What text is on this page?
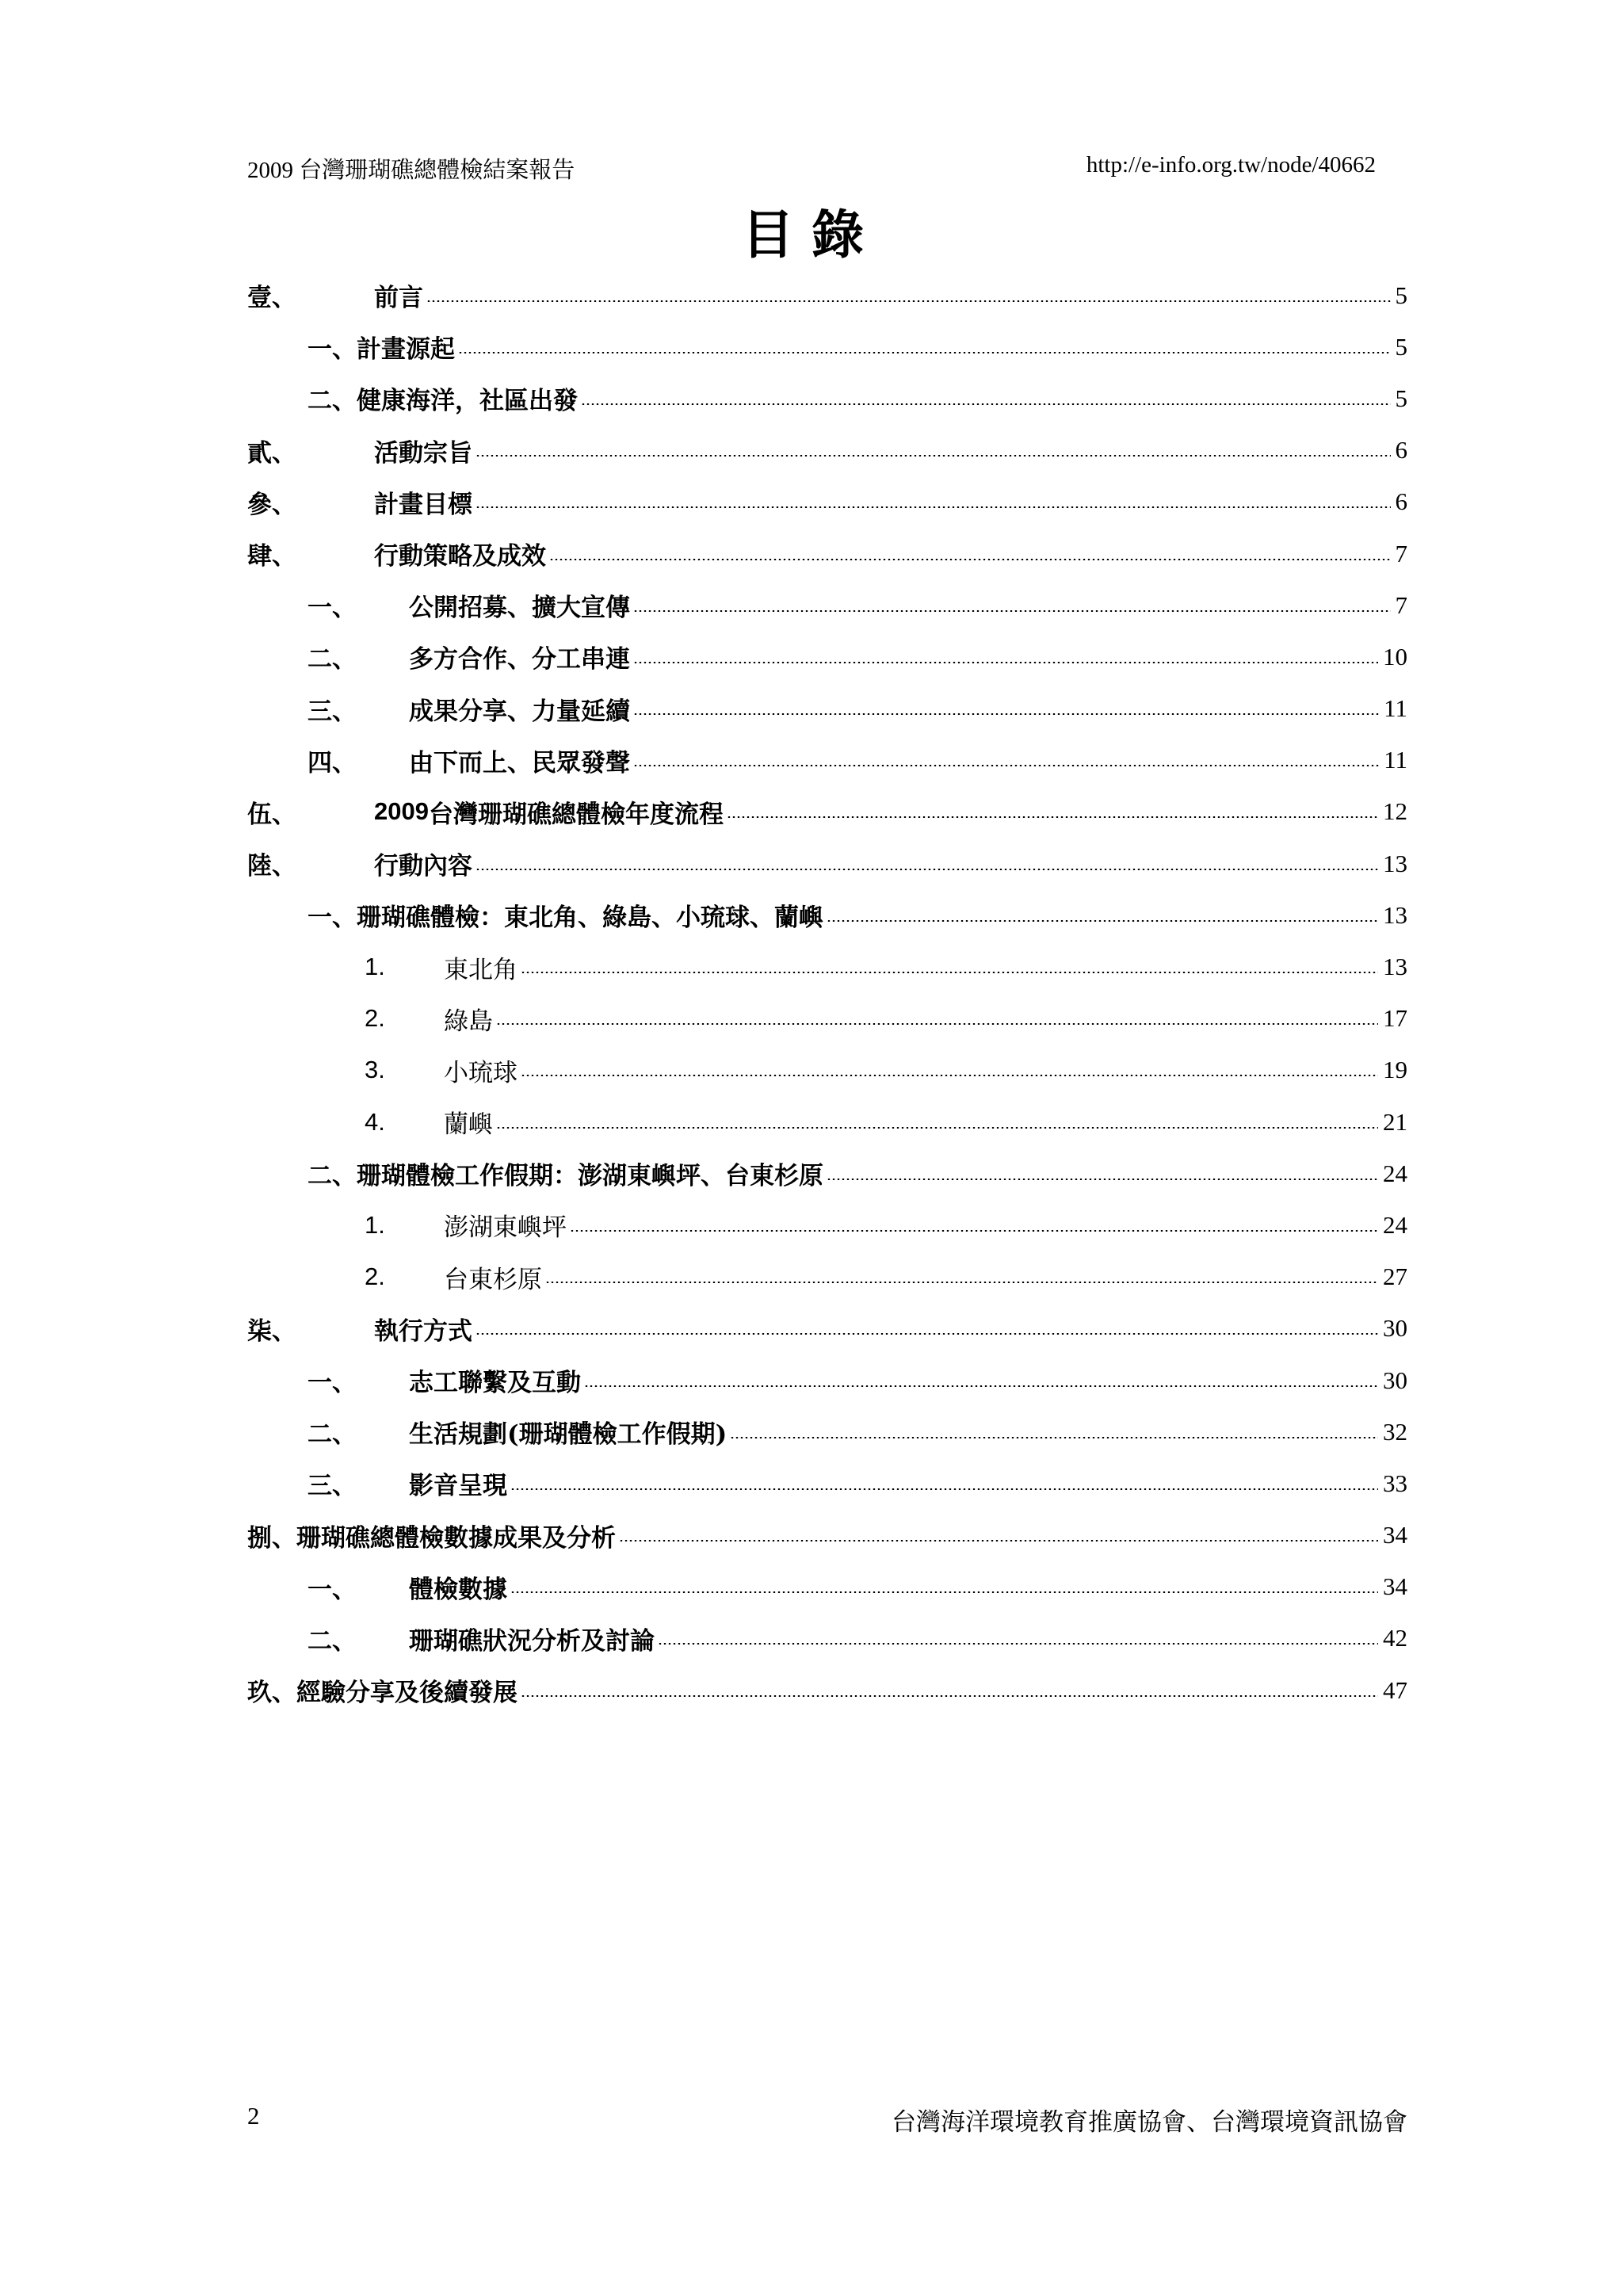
2009 台灣珊瑚礁總體檢結案報告	http://e-info.org.tw/node/40662
目錄
壹、	前言	5
一、 計畫源起	5
二、 健康海洋，社區出發	5
貳、	活動宗旨	6
參、	計畫目標	6
肆、	行動策略及成效	7
一、	公開招募、擴大宣傳	7
二、	多方合作、分工串連	10
三、	成果分享、力量延續	11
四、	由下而上、民眾發聲	11
伍、	2009 台灣珊瑚礁總體檢年度流程	12
陸、	行動內容	13
一、 珊瑚礁體檢：東北角、綠島、小琉球、蘭嶼	13
1.	東北角	13
2.	綠島	17
3.	小琉球	19
4.	蘭嶼	21
二、 珊瑚體檢工作假期：澎湖東嶼坪、台東杉原	24
1.	澎湖東嶼坪	24
2.	台東杉原	27
柒、	執行方式	30
一、	志工聯繫及互動	30
二、	生活規劃(珊瑚體檢工作假期)	32
三、	影音呈現	33
捌、 珊瑚礁總體檢數據成果及分析	34
一、	體檢數據	34
二、	珊瑚礁狀況分析及討論	42
玖、 經驗分享及後續發展	47
2	台灣海洋環境教育推廣協會、台灣環境資訊協會
